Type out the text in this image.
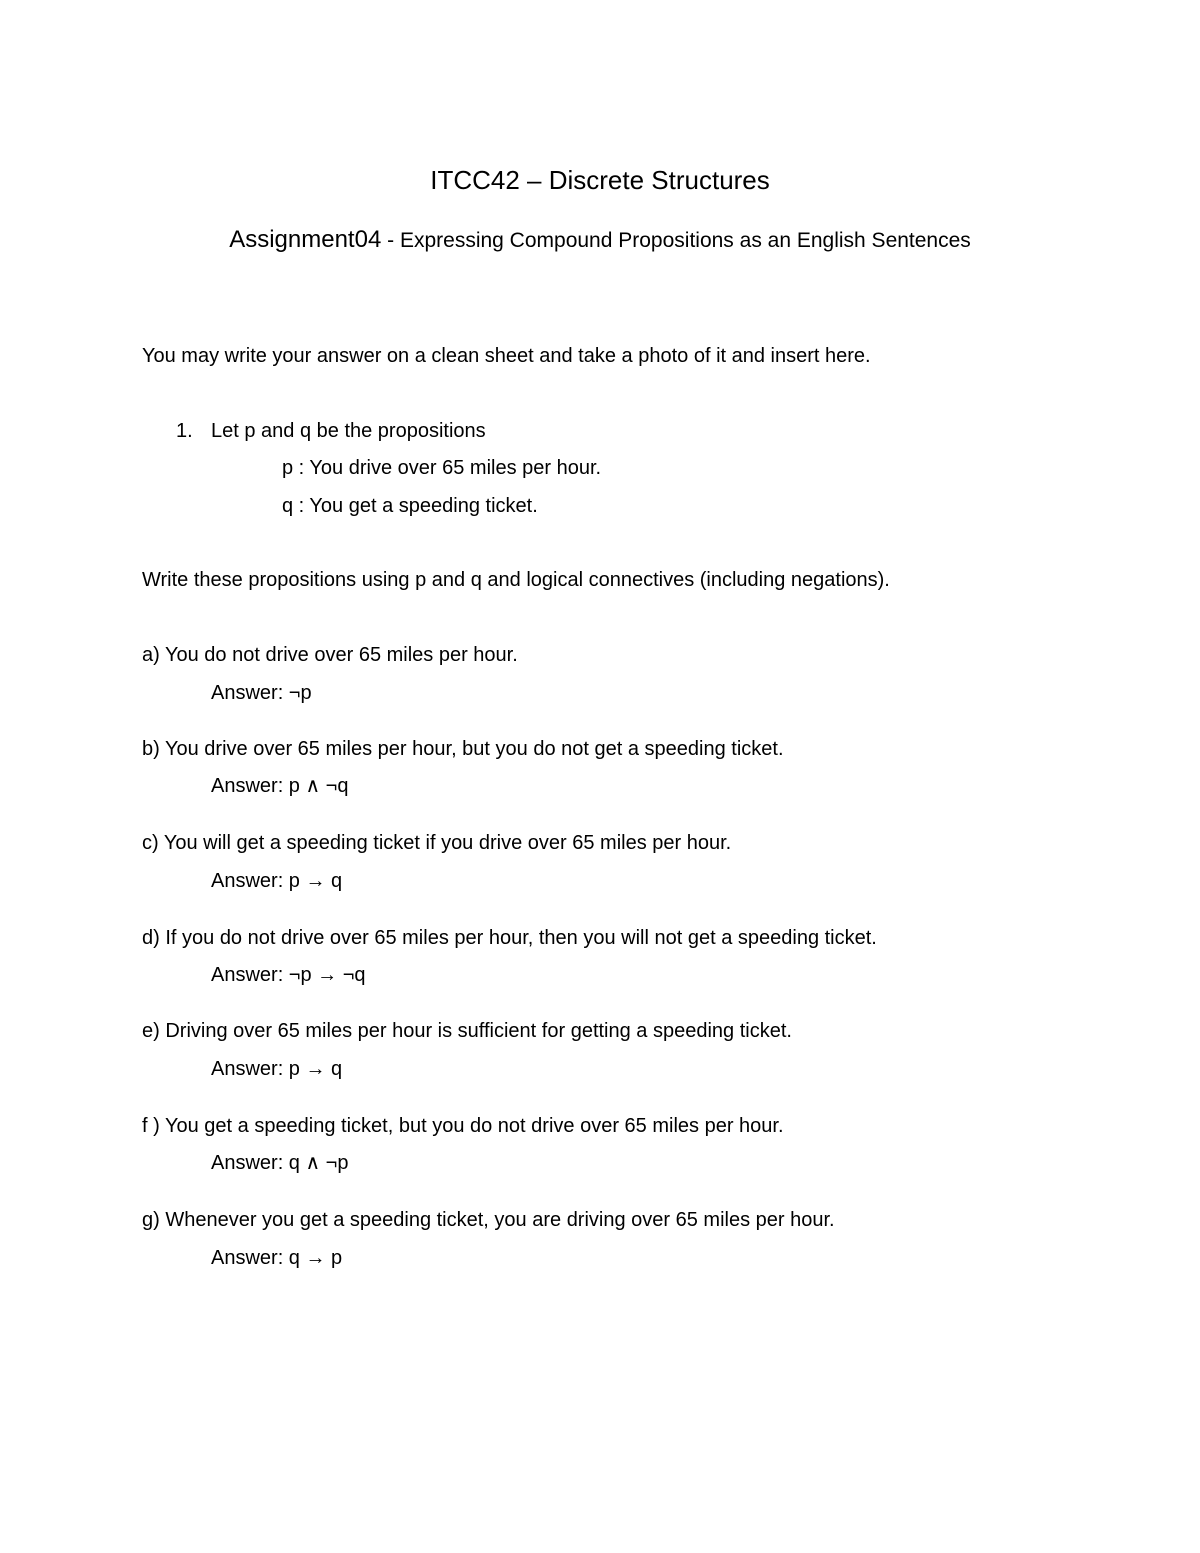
ITCC42 – Discrete Structures
Assignment04 - Expressing Compound Propositions as an English Sentences
You may write your answer on a clean sheet and take a photo of it and insert here.
1. Let p and q be the propositions
p : You drive over 65 miles per hour.
q : You get a speeding ticket.
Write these propositions using p and q and logical connectives (including negations).
a) You do not drive over 65 miles per hour.
Answer: ¬p
b) You drive over 65 miles per hour, but you do not get a speeding ticket.
Answer: p ∧ ¬q
c) You will get a speeding ticket if you drive over 65 miles per hour.
Answer: p → q
d) If you do not drive over 65 miles per hour, then you will not get a speeding ticket.
Answer: ¬p → ¬q
e) Driving over 65 miles per hour is sufficient for getting a speeding ticket.
Answer: p → q
f ) You get a speeding ticket, but you do not drive over 65 miles per hour.
Answer: q ∧ ¬p
g) Whenever you get a speeding ticket, you are driving over 65 miles per hour.
Answer: q → p
